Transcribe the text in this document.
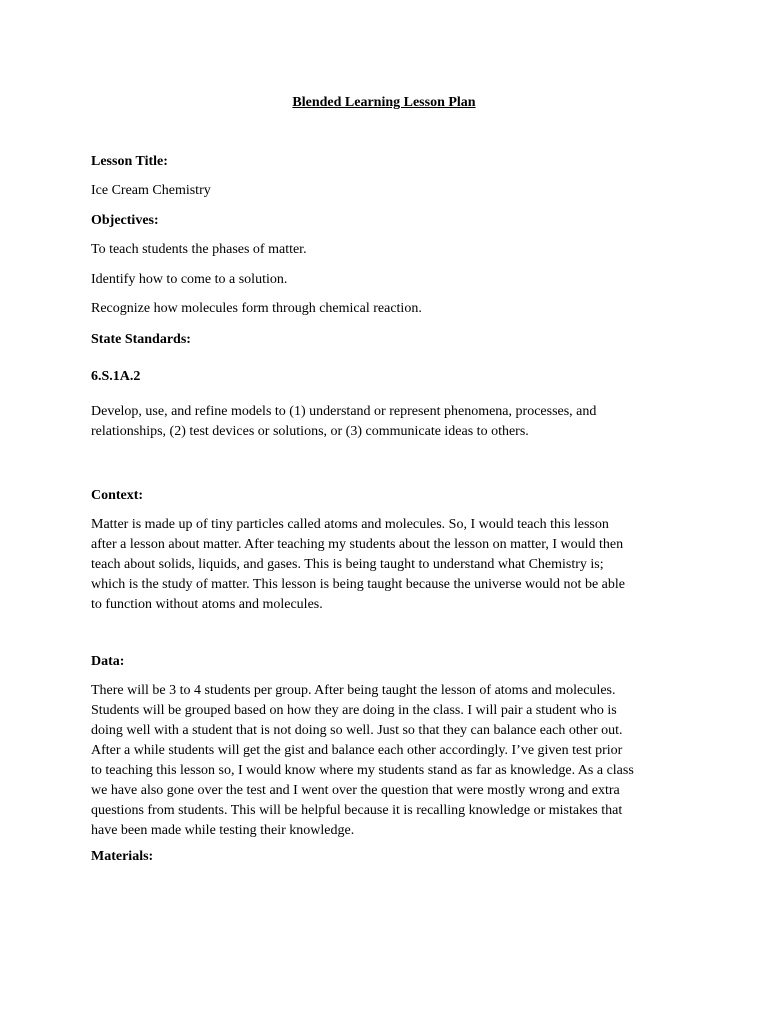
Blended Learning Lesson Plan

Lesson Title:

Ice Cream Chemistry

Objectives:

To teach students the phases of matter.

Identify how to come to a solution.

Recognize how molecules form through chemical reaction.

State Standards:

6.S.1A.2

Develop, use, and refine models to (1) understand or represent phenomena, processes, and
relationships, (2) test devices or solutions, or (3) communicate ideas to others.

Context:

Matter is made up of tiny particles called atoms and molecules. So, I would teach this lesson
after a lesson about matter. After teaching my students about the lesson on matter, I would then
teach about solids, liquids, and gases. This is being taught to understand what Chemistry is;
which is the study of matter. This lesson is being taught because the universe would not be able
to function without atoms and molecules.

Data:

There will be 3 to 4 students per group. After being taught the lesson of atoms and molecules.
Students will be grouped based on how they are doing in the class. I will pair a student who is
doing well with a student that is not doing so well. Just so that they can balance each other out.
After a while students will get the gist and balance each other accordingly. I’ve given test prior
to teaching this lesson so, I would know where my students stand as far as knowledge. As a class
we have also gone over the test and I went over the question that were mostly wrong and extra
questions from students. This will be helpful because it is recalling knowledge or mistakes that
have been made while testing their knowledge.

Materials:
